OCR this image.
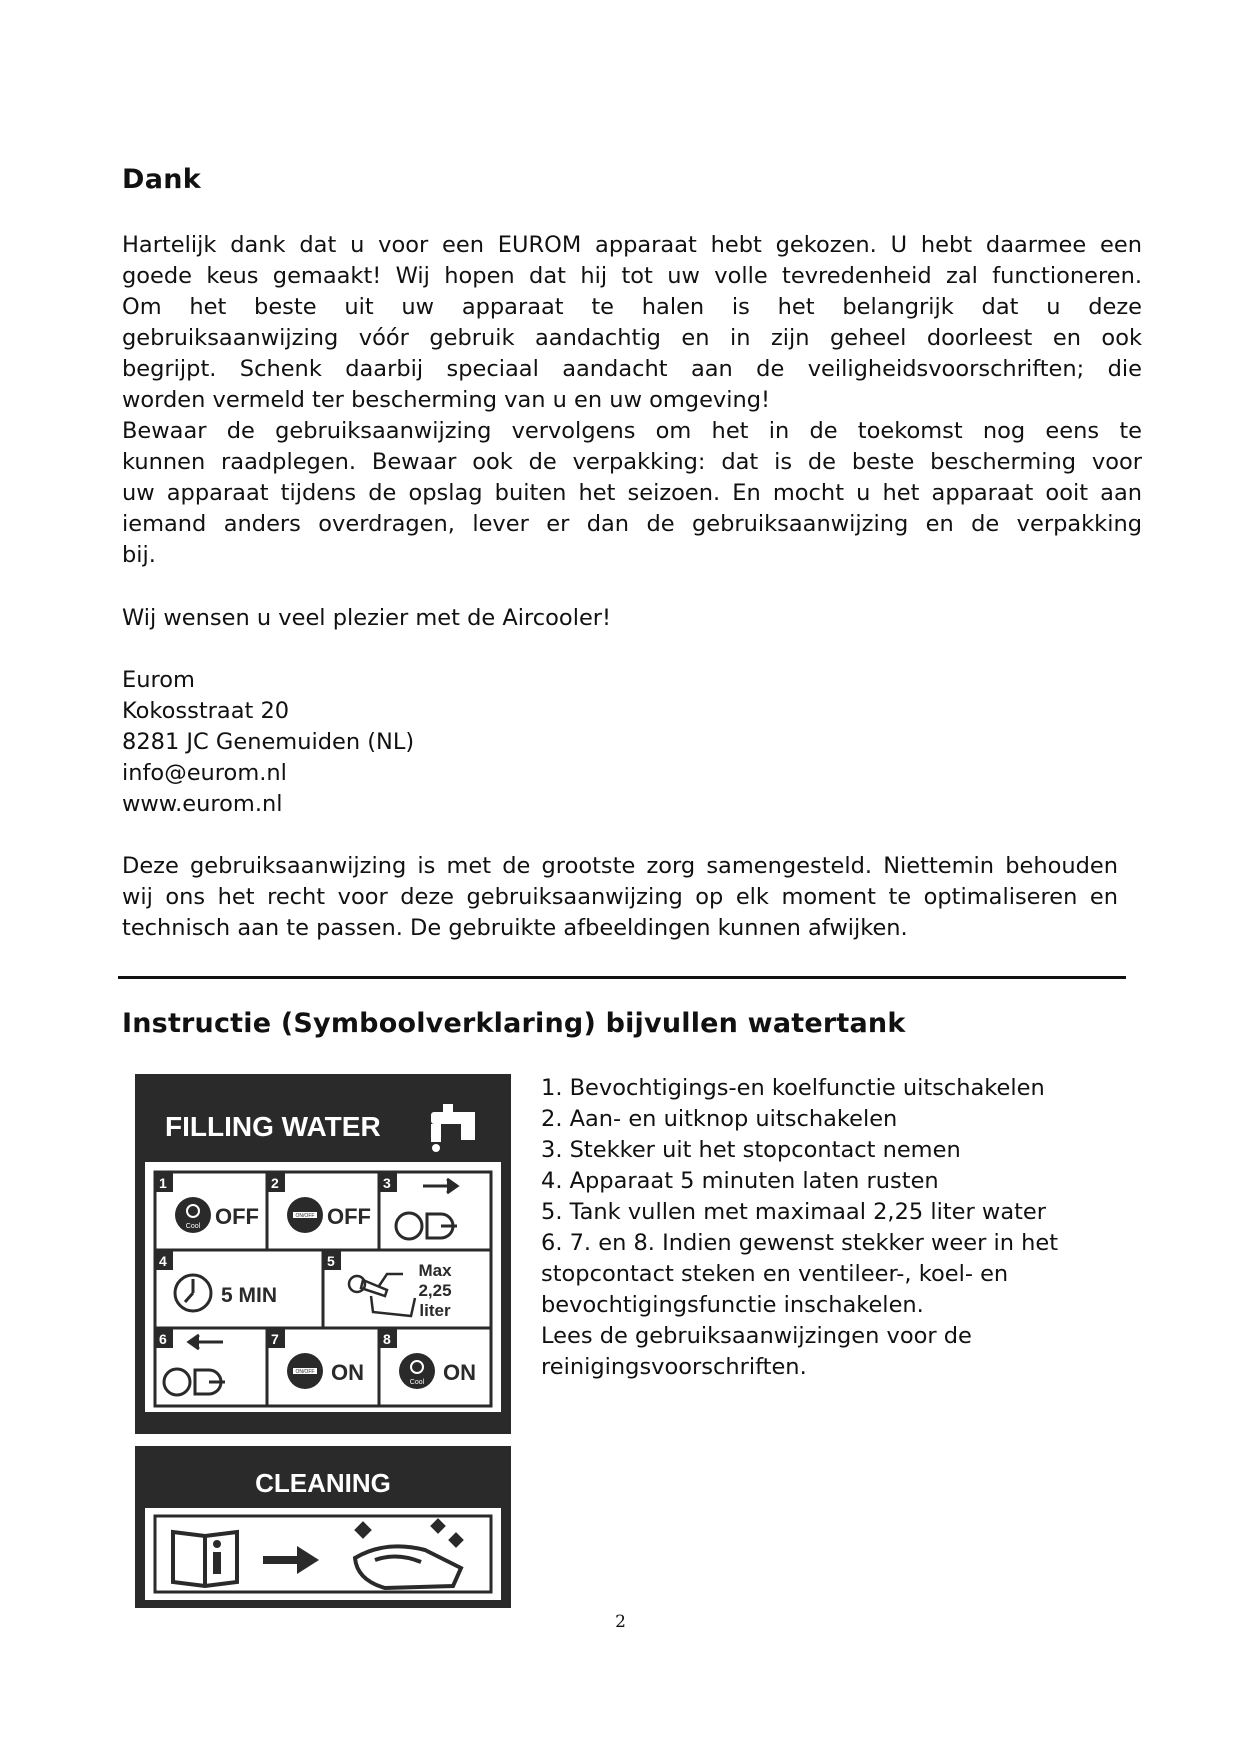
Dank
Hartelijk dank dat u voor een EUROM apparaat hebt gekozen. U hebt daarmee een
goede keus gemaakt! Wij hopen dat hij tot uw volle tevredenheid zal functioneren.
Om het beste uit uw apparaat te halen is het belangrijk dat u deze
gebruiksaanwijzing vóór gebruik aandachtig en in zijn geheel doorleest en ook
begrijpt. Schenk daarbij speciaal aandacht aan de veiligheidsvoorschriften; die
worden vermeld ter bescherming van u en uw omgeving!
Bewaar de gebruiksaanwijzing vervolgens om het in de toekomst nog eens te
kunnen raadplegen. Bewaar ook de verpakking: dat is de beste bescherming voor
uw apparaat tijdens de opslag buiten het seizoen. En mocht u het apparaat ooit aan
iemand anders overdragen, lever er dan de gebruiksaanwijzing en de verpakking
bij.

Wij wensen u veel plezier met de Aircooler!

Eurom
Kokosstraat 20
8281 JC Genemuiden (NL)
info@eurom.nl
www.eurom.nl

Deze gebruiksaanwijzing is met de grootste zorg samengesteld. Niettemin behouden wij ons het recht voor deze gebruiksaanwijzing op elk moment te optimaliseren en technisch aan te passen. De gebruikte afbeeldingen kunnen afwijken.

Instructie (Symboolverklaring) bijvullen watertank
FILLING WATER
1	2	3
4	5
6	7	8
Cool OFF	ON/OFF OFF
5 MIN
Max
2,25
liter
ON/OFF ON	Cool ON
CLEANING
1. Bevochtigings-en koelfunctie uitschakelen
2. Aan- en uitknop uitschakelen
3. Stekker uit het stopcontact nemen
4. Apparaat 5 minuten laten rusten
5. Tank vullen met maximaal 2,25 liter water
6. 7. en 8. Indien gewenst stekker weer in het stopcontact steken en ventileer-, koel- en bevochtigingsfunctie inschakelen.
Lees de gebruiksaanwijzingen voor de reinigingsvoorschriften.
2
